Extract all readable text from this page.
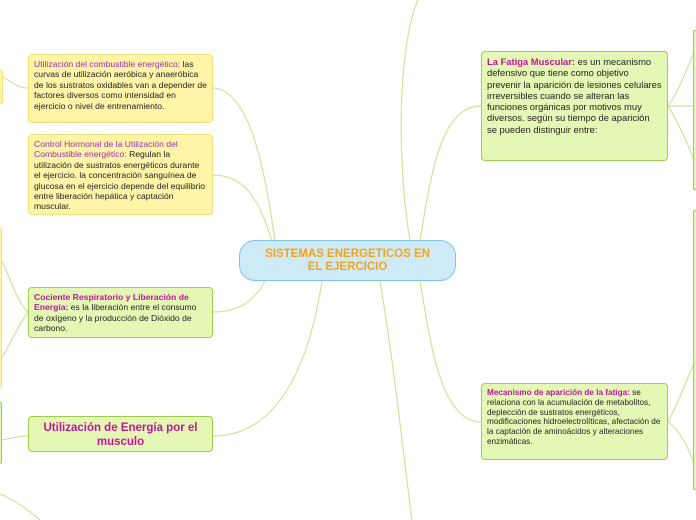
SISTEMAS ENERGETICOS EN EL EJERCICIO
Utilización del combustible energético: las curvas de utilización aeróbica y anaeróbica de los sustratos oxidables van a depender de factores diversos como intensidad en ejercicio o nivel de entrenamiento.
Control Hormonal de la Utilización del Combustible energético: Regulan la utilización de sustratos energéticos durante el ejercicio. la concentración sanguínea de glucosa en el ejercicio depende del equilibrio entre liberación hepática y captación muscular.
Cociente Respiratorio y Liberación de Energía: es la liberación entre el consumo de oxígeno y la producción de Dióxido de carbono.
Utilización de Energía por el musculo
La Fatiga Muscular: es un mecanismo defensivo que tiene como objetivo prevenir la aparición de lesiones celulares irreversibles cuando se alteran las funciones orgánicas por motivos muy diversos. según su tiempo de aparición se pueden distinguir entre:
Mecanismo de aparición de la fatiga: se relaciona con la acumulación de metabolitos, deplección de sustratos energéticos, modificaciones hidroelectrolíticas, afectación de la captación de aminoácidos y alteraciones enzimáticas.
